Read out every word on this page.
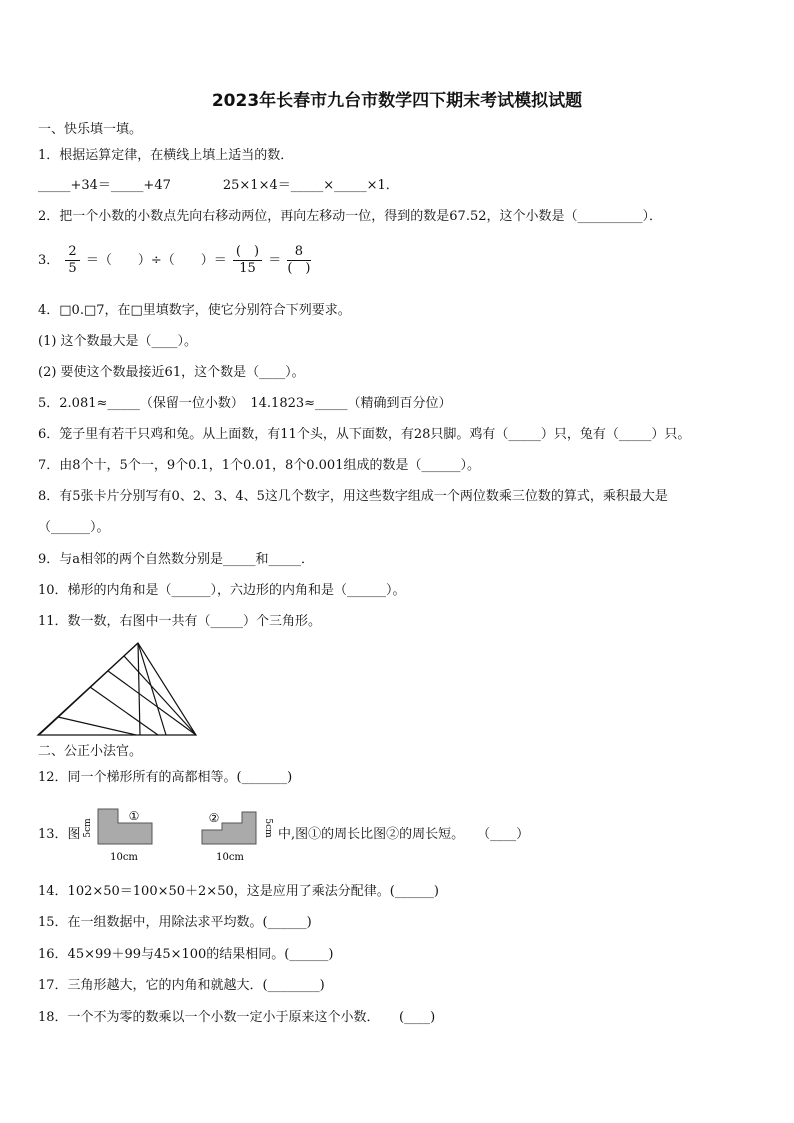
2023年长春市九台市数学四下期末考试模拟试题
一、快乐填一填。
1．根据运算定律，在横线上填上适当的数．
_____+34＝_____+47　　　　25×1×4＝_____×_____×1．
2．把一个小数的小数点先向右移动两位，再向左移动一位，得到的数是67.52，这个小数是（__________）．
3． $\frac{2}{5}$ ＝（　　）÷（　　）＝ $\frac{( )}{15} = \frac{8}{( )}$
4．□0.□7，在□里填数字，使它分别符合下列要求。
(1) 这个数最大是（____）。
(2) 要使这个数最接近61，这个数是（____）。
5．2.081≈_____（保留一位小数）　14.1823≈_____（精确到百分位）
6．笼子里有若干只鸡和兔。从上面数，有11个头，从下面数，有28只脚。鸡有（_____）只，兔有（_____）只。
7．由8个十，5个一，9个0.1，1个0.01，8个0.001组成的数是（______）。
8．有5张卡片分别写有0、2、3、4、5这几个数字，用这些数字组成一个两位数乘三位数的算式，乘积最大是
（______）。
9．与a相邻的两个自然数分别是_____和_____．
10．梯形的内角和是（______），六边形的内角和是（______）。
11．数一数，右图中一共有（_____）个三角形。
二、公正小法官。
12．同一个梯形所有的高都相等。(_______)
13．图
①
5cm
10cm
②
5cm
10cm
中,图①的周长比图②的周长短。　　（____）
14．102×50＝100×50＋2×50，这是应用了乘法分配律。(______)
15．在一组数据中，用除法求平均数。(______)
16．45×99＋99与45×100的结果相同。(______)
17．三角形越大，它的内角和就越大．(________)
18．一个不为零的数乘以一个小数一定小于原来这个小数．　　(____)
